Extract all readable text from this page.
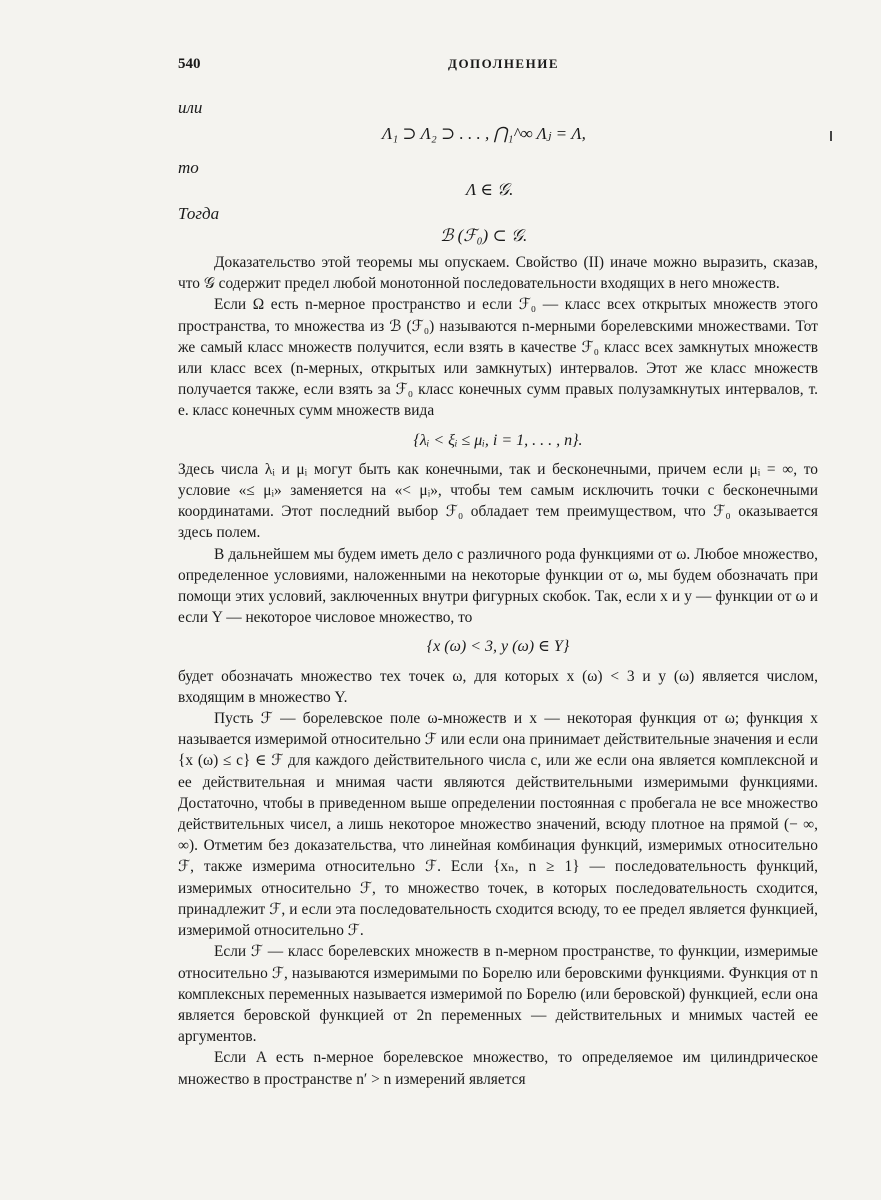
540	ДОПОЛНЕНИЕ
или
Λ₁ ⊃ Λ₂ ⊃ . . . , ⋂₁^∞ Λⱼ = Λ,
то
Λ ∈ 𝒢.
Тогда
ℬ (ℱ₀) ⊂ 𝒢.

Доказательство этой теоремы мы опускаем. Свойство (II) иначе можно выразить, сказав, что 𝒢 содержит предел любой монотонной последовательности входящих в него множеств.

Если Ω есть n-мерное пространство и если ℱ₀ — класс всех открытых множеств этого пространства, то множества из ℬ (ℱ₀) называются n-мерными борелевскими множествами. Тот же самый класс множеств получится, если взять в качестве ℱ₀ класс всех замкнутых множеств или класс всех (n-мерных, открытых или замкнутых) интервалов. Этот же класс множеств получается также, если взять за ℱ₀ класс конечных сумм правых полузамкнутых интервалов, т. е. класс конечных сумм множеств вида

{λᵢ < ξᵢ ≤ μᵢ, i = 1, . . . , n}.

Здесь числа λᵢ и μᵢ могут быть как конечными, так и бесконечными, причем если μᵢ = ∞, то условие «≤ μᵢ» заменяется на «< μᵢ», чтобы тем самым исключить точки с бесконечными координатами. Этот последний выбор ℱ₀ обладает тем преимуществом, что ℱ₀ оказывается здесь полем.

В дальнейшем мы будем иметь дело с различного рода функциями от ω. Любое множество, определенное условиями, наложенными на некоторые функции от ω, мы будем обозначать при помощи этих условий, заключенных внутри фигурных скобок. Так, если x и y — функции от ω и если Y — некоторое числовое множество, то

{x (ω) < 3, y (ω) ∈ Y}

будет обозначать множество тех точек ω, для которых x (ω) < 3 и y (ω) является числом, входящим в множество Y.

Пусть ℱ — борелевское поле ω-множеств и x — некоторая функция от ω; функция x называется измеримой относительно ℱ или если она принимает действительные значения и если {x (ω) ≤ c} ∈ ℱ для каждого действительного числа c, или же если она является комплексной и ее действительная и мнимая части являются действительными измеримыми функциями. Достаточно, чтобы в приведенном выше определении постоянная c пробегала не все множество действительных чисел, а лишь некоторое множество значений, всюду плотное на прямой (− ∞, ∞). Отметим без доказательства, что линейная комбинация функций, измеримых относительно ℱ, также измерима относительно ℱ. Если {xₙ, n ≥ 1} — последовательность функций, измеримых относительно ℱ, то множество точек, в которых последовательность сходится, принадлежит ℱ, и если эта последовательность сходится всюду, то ее предел является функцией, измеримой относительно ℱ.

Если ℱ — класс борелевских множеств в n-мерном пространстве, то функции, измеримые относительно ℱ, называются измеримыми по Борелю или беровскими функциями. Функция от n комплексных переменных называется измеримой по Борелю (или беровской) функцией, если она является беровской функцией от 2n переменных — действительных и мнимых частей ее аргументов.

Если A есть n-мерное борелевское множество, то определяемое им цилиндрическое множество в пространстве n′ > n измерений является
